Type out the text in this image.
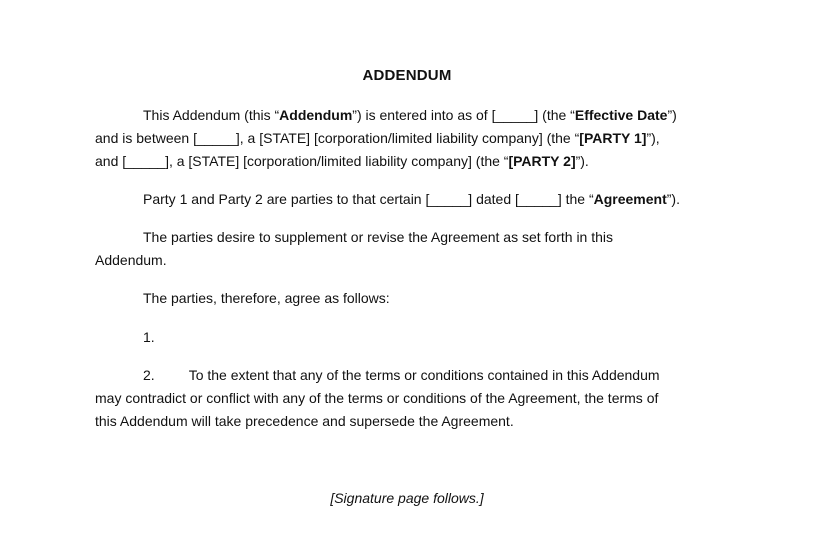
ADDENDUM
This Addendum (this “Addendum”) is entered into as of [_____] (the “Effective Date”)
and is between [_____], a [STATE] [corporation/limited liability company] (the “[PARTY 1]”),
and [_____], a [STATE] [corporation/limited liability company] (the “[PARTY 2]”).
Party 1 and Party 2 are parties to that certain [_____] dated [_____] the “Agreement”).
The parties desire to supplement or revise the Agreement as set forth in this
Addendum.
The parties, therefore, agree as follows:
1.
2. To the extent that any of the terms or conditions contained in this Addendum
may contradict or conflict with any of the terms or conditions of the Agreement, the terms of
this Addendum will take precedence and supersede the Agreement.
[Signature page follows.]
